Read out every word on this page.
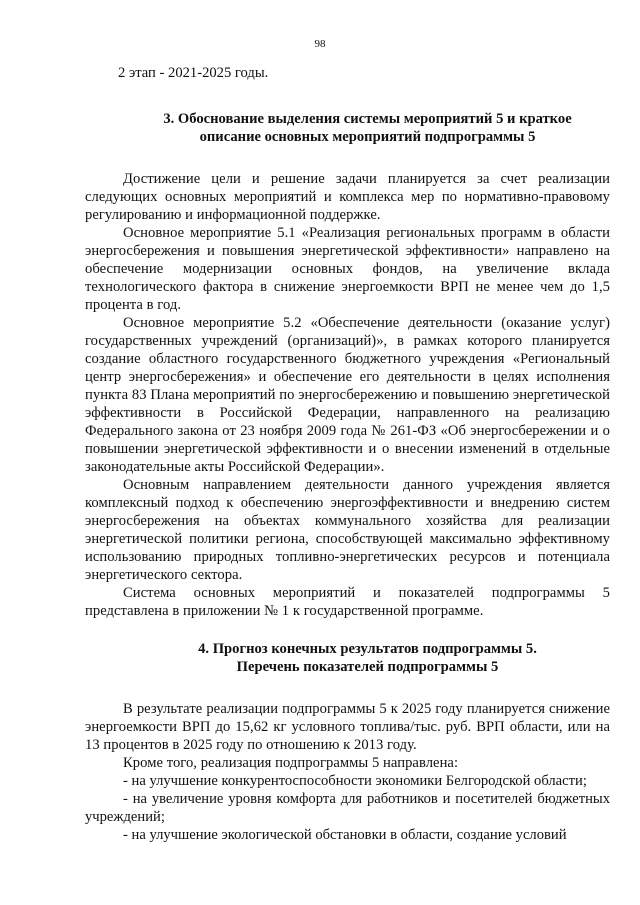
98

2 этап - 2021-2025 годы.

3. Обоснование выделения системы мероприятий 5 и краткое
описание основных мероприятий подпрограммы 5

Достижение цели и решение задачи планируется за счет реализации следующих основных мероприятий и комплекса мер по нормативно-правовому регулированию и информационной поддержке.

Основное мероприятие 5.1 «Реализация региональных программ в области энергосбережения и повышения энергетической эффективности» направлено на обеспечение модернизации основных фондов, на увеличение вклада технологического фактора в снижение энергоемкости ВРП не менее чем до 1,5 процента в год.

Основное мероприятие 5.2 «Обеспечение деятельности (оказание услуг) государственных учреждений (организаций)», в рамках которого планируется создание областного государственного бюджетного учреждения «Региональный центр энергосбережения» и обеспечение его деятельности в целях исполнения пункта 83 Плана мероприятий по энергосбережению и повышению энергетической эффективности в Российской Федерации, направленного на реализацию Федерального закона от 23 ноября 2009 года № 261-ФЗ «Об энергосбережении и о повышении энергетической эффективности и о внесении изменений в отдельные законодательные акты Российской Федерации».

Основным направлением деятельности данного учреждения является комплексный подход к обеспечению энергоэффективности и внедрению систем энергосбережения на объектах коммунального хозяйства для реализации энергетической политики региона, способствующей максимально эффективному использованию природных топливно-энергетических ресурсов и потенциала энергетического сектора.

Система основных мероприятий и показателей подпрограммы 5 представлена в приложении № 1 к государственной программе.

4. Прогноз конечных результатов подпрограммы 5.
Перечень показателей подпрограммы 5

В результате реализации подпрограммы 5 к 2025 году планируется снижение энергоемкости ВРП до 15,62 кг условного топлива/тыс. руб. ВРП области, или на 13 процентов в 2025 году по отношению к 2013 году.

Кроме того, реализация подпрограммы 5 направлена:

- на улучшение конкурентоспособности экономики Белгородской области;

- на увеличение уровня комфорта для работников и посетителей бюджетных учреждений;

- на улучшение экологической обстановки в области, создание условий
